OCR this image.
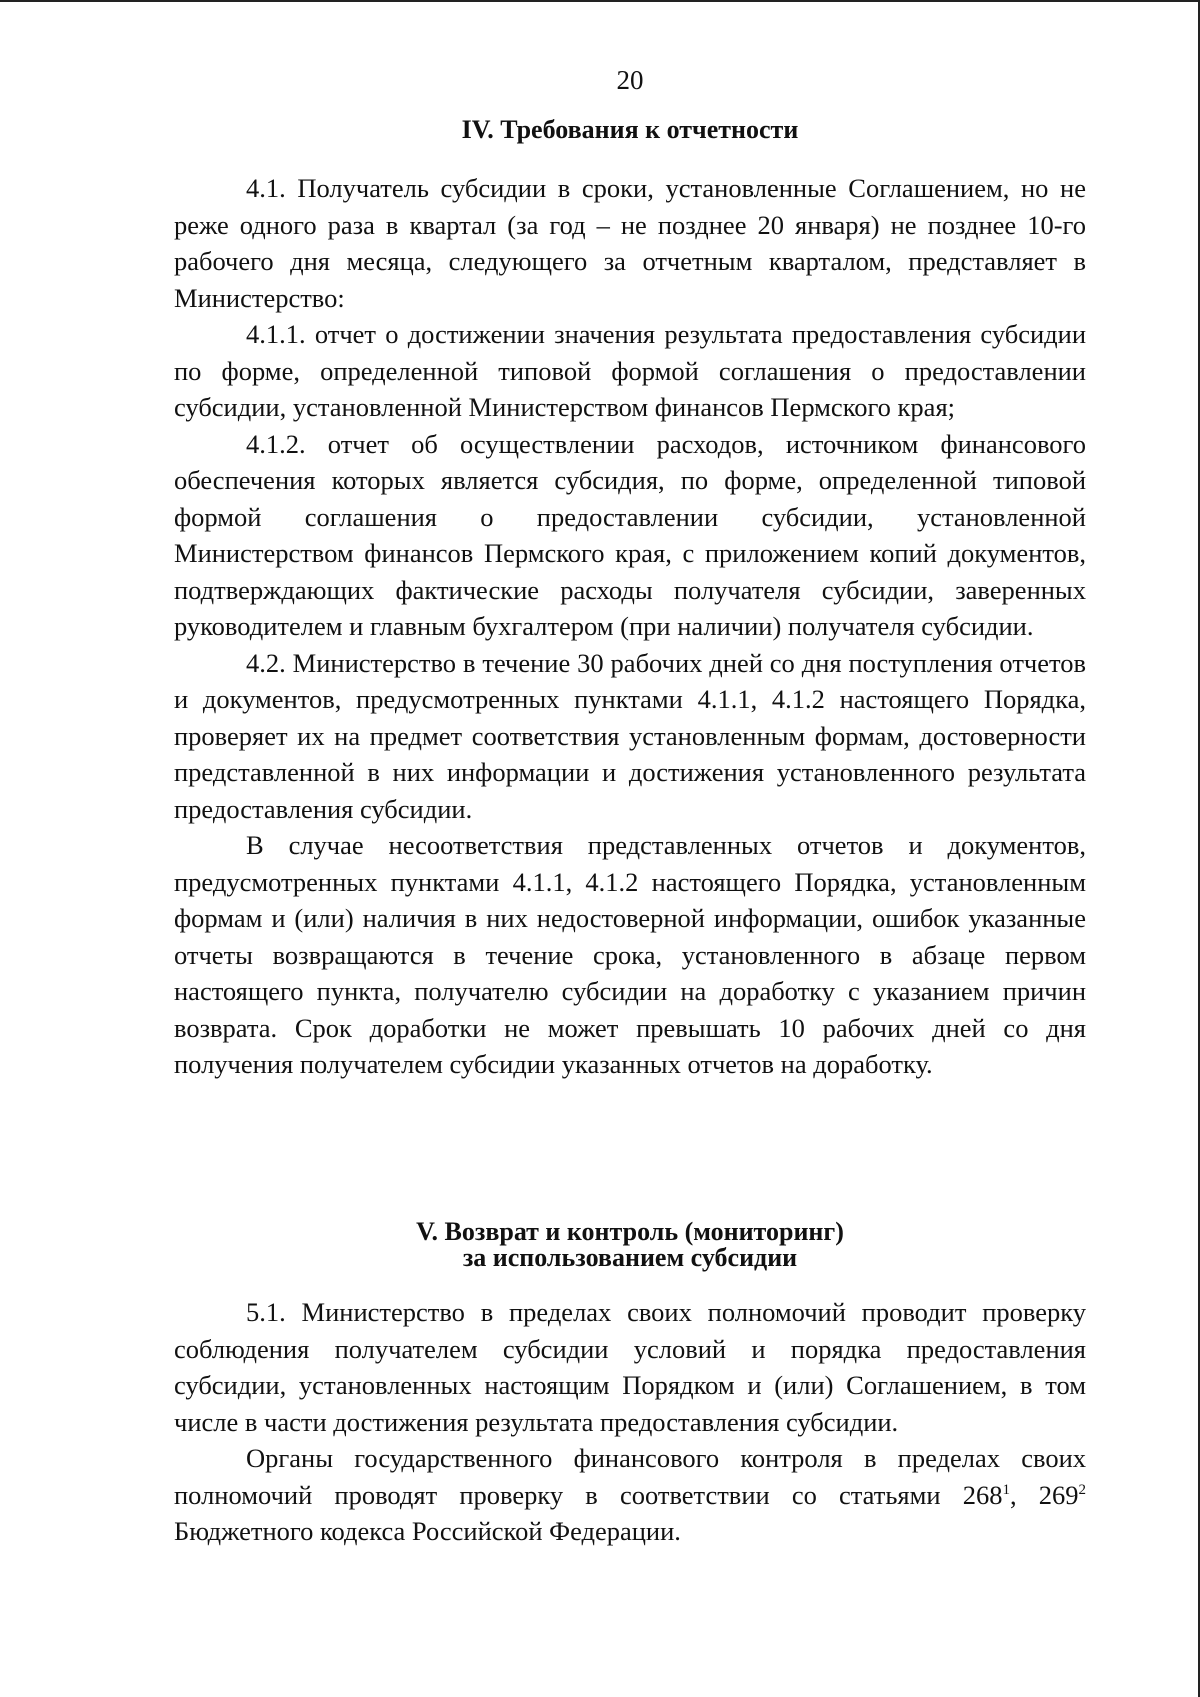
20
IV. Требования к отчетности

4.1. Получатель субсидии в сроки, установленные Соглашением, но не реже одного раза в квартал (за год – не позднее 20 января) не позднее 10-го рабочего дня месяца, следующего за отчетным кварталом, представляет в Министерство:

4.1.1. отчет о достижении значения результата предоставления субсидии по форме, определенной типовой формой соглашения о предоставлении субсидии, установленной Министерством финансов Пермского края;

4.1.2. отчет об осуществлении расходов, источником финансового обеспечения которых является субсидия, по форме, определенной типовой формой соглашения о предоставлении субсидии, установленной Министерством финансов Пермского края, с приложением копий документов, подтверждающих фактические расходы получателя субсидии, заверенных руководителем и главным бухгалтером (при наличии) получателя субсидии.

4.2. Министерство в течение 30 рабочих дней со дня поступления отчетов и документов, предусмотренных пунктами 4.1.1, 4.1.2 настоящего Порядка, проверяет их на предмет соответствия установленным формам, достоверности представленной в них информации и достижения установленного результата предоставления субсидии.

В случае несоответствия представленных отчетов и документов, предусмотренных пунктами 4.1.1, 4.1.2 настоящего Порядка, установленным формам и (или) наличия в них недостоверной информации, ошибок указанные отчеты возвращаются в течение срока, установленного в абзаце первом настоящего пункта, получателю субсидии на доработку с указанием причин возврата. Срок доработки не может превышать 10 рабочих дней со дня получения получателем субсидии указанных отчетов на доработку.

V. Возврат и контроль (мониторинг)
за использованием субсидии

5.1. Министерство в пределах своих полномочий проводит проверку соблюдения получателем субсидии условий и порядка предоставления субсидии, установленных настоящим Порядком и (или) Соглашением, в том числе в части достижения результата предоставления субсидии.

Органы государственного финансового контроля в пределах своих полномочий проводят проверку в соответствии со статьями $268^1$, $269^2$ Бюджетного кодекса Российской Федерации.
